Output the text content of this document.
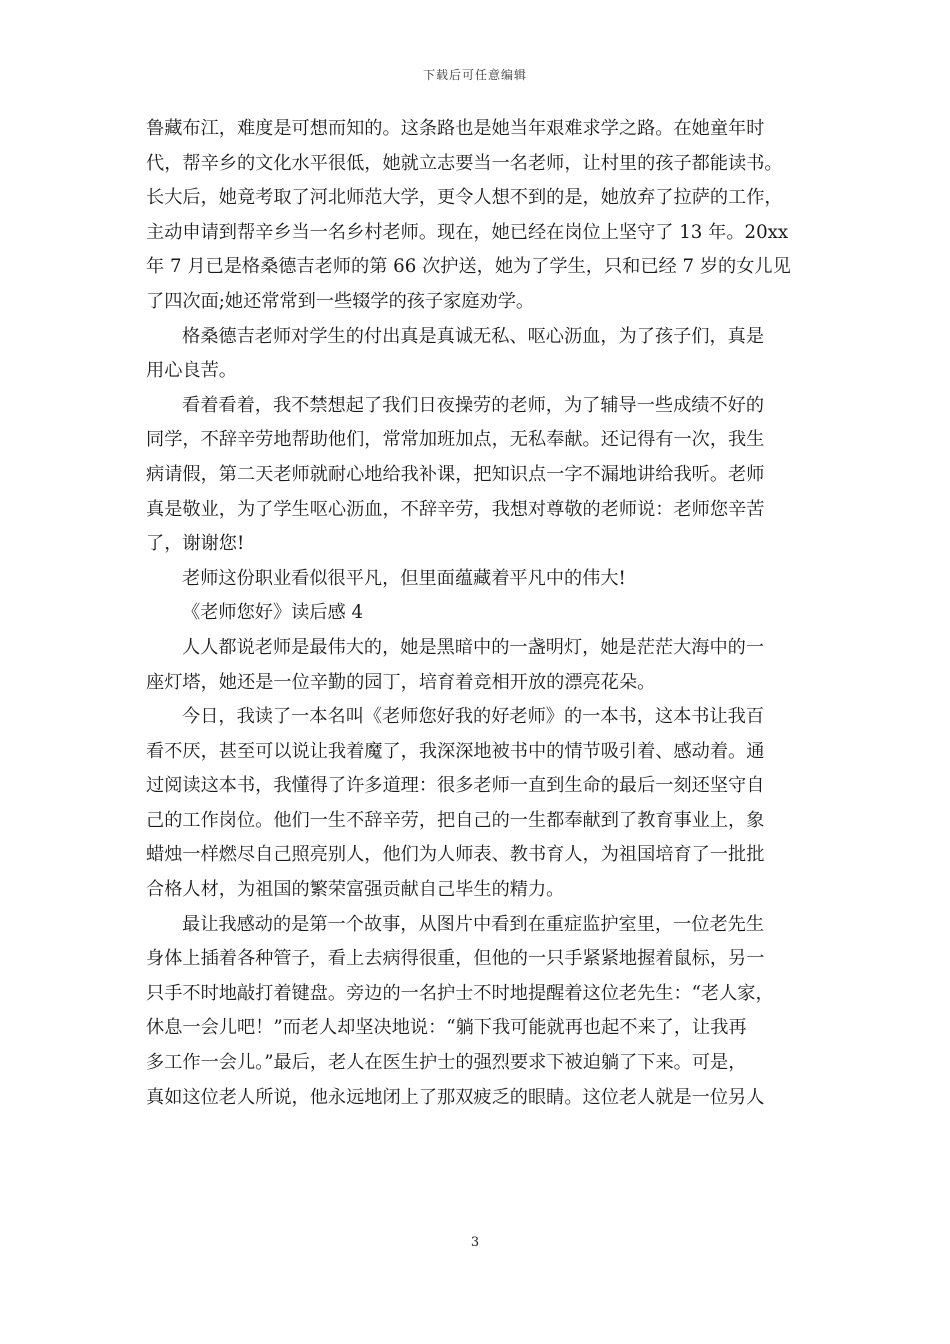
下载后可任意编辑
鲁藏布江，难度是可想而知的。这条路也是她当年艰难求学之路。在她童年时
代，帮辛乡的文化水平很低，她就立志要当一名老师，让村里的孩子都能读书。
长大后，她竟考取了河北师范大学，更令人想不到的是，她放弃了拉萨的工作，
主动申请到帮辛乡当一名乡村老师。现在，她已经在岗位上坚守了 13 年。20xx
年 7 月已是格桑德吉老师的第 66 次护送，她为了学生，只和已经 7 岁的女儿见
了四次面;她还常常到一些辍学的孩子家庭劝学。
格桑德吉老师对学生的付出真是真诚无私、呕心沥血，为了孩子们，真是
用心良苦。
看着看着，我不禁想起了我们日夜操劳的老师，为了辅导一些成绩不好的
同学，不辞辛劳地帮助他们，常常加班加点，无私奉献。还记得有一次，我生
病请假，第二天老师就耐心地给我补课，把知识点一字不漏地讲给我听。老师
真是敬业，为了学生呕心沥血，不辞辛劳，我想对尊敬的老师说：老师您辛苦
了，谢谢您!
老师这份职业看似很平凡，但里面蕴藏着平凡中的伟大!
《老师您好》读后感 4
人人都说老师是最伟大的，她是黑暗中的一盏明灯，她是茫茫大海中的一
座灯塔，她还是一位辛勤的园丁，培育着竞相开放的漂亮花朵。
今日，我读了一本名叫《老师您好我的好老师》的一本书，这本书让我百
看不厌，甚至可以说让我着魔了，我深深地被书中的情节吸引着、感动着。通
过阅读这本书，我懂得了许多道理：很多老师一直到生命的最后一刻还坚守自
己的工作岗位。他们一生不辞辛劳，把自己的一生都奉献到了教育事业上，象
蜡烛一样燃尽自己照亮别人，他们为人师表、教书育人，为祖国培育了一批批
合格人材，为祖国的繁荣富强贡献自己毕生的精力。
最让我感动的是第一个故事，从图片中看到在重症监护室里，一位老先生
身体上插着各种管子，看上去病得很重，但他的一只手紧紧地握着鼠标，另一
只手不时地敲打着键盘。旁边的一名护士不时地提醒着这位老先生：“老人家，
休息一会儿吧！”而老人却坚决地说：“躺下我可能就再也起不来了，让我再
多工作一会儿。”最后，老人在医生护士的强烈要求下被迫躺了下来。可是，
真如这位老人所说，他永远地闭上了那双疲乏的眼睛。这位老人就是一位另人
3
